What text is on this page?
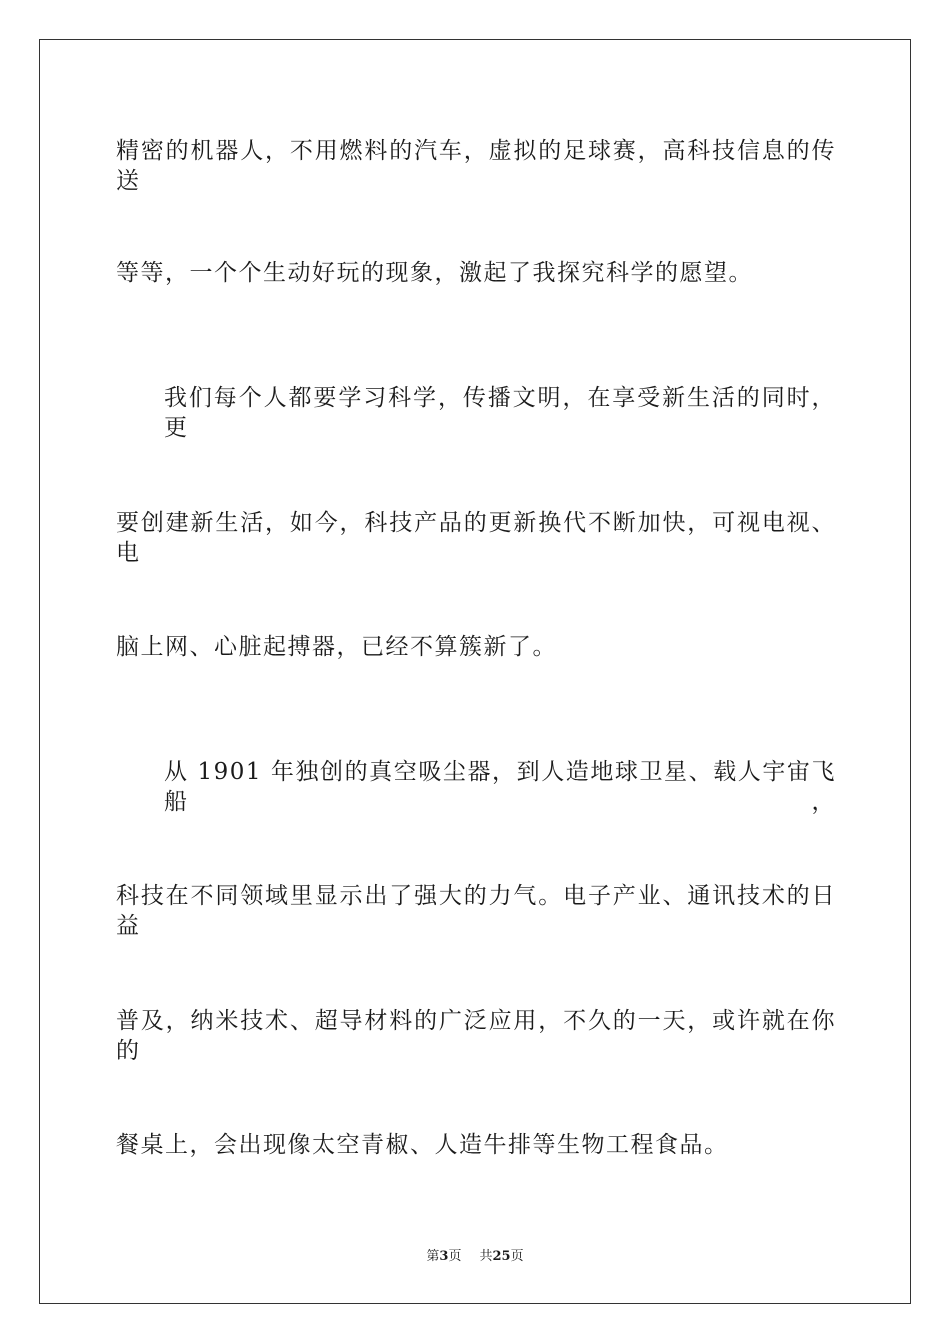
精密的机器人，不用燃料的汽车，虚拟的足球赛，高科技信息的传送
等等，一个个生动好玩的现象，激起了我探究科学的愿望。
我们每个人都要学习科学，传播文明，在享受新生活的同时，更
要创建新生活，如今，科技产品的更新换代不断加快，可视电视、电
脑上网、心脏起搏器，已经不算簇新了。
从 1901 年独创的真空吸尘器，到人造地球卫星、载人宇宙飞船，
科技在不同领域里显示出了强大的力气。电子产业、通讯技术的日益
普及，纳米技术、超导材料的广泛应用，不久的一天，或许就在你的
餐桌上，会出现像太空青椒、人造牛排等生物工程食品。
第3页 共25页
